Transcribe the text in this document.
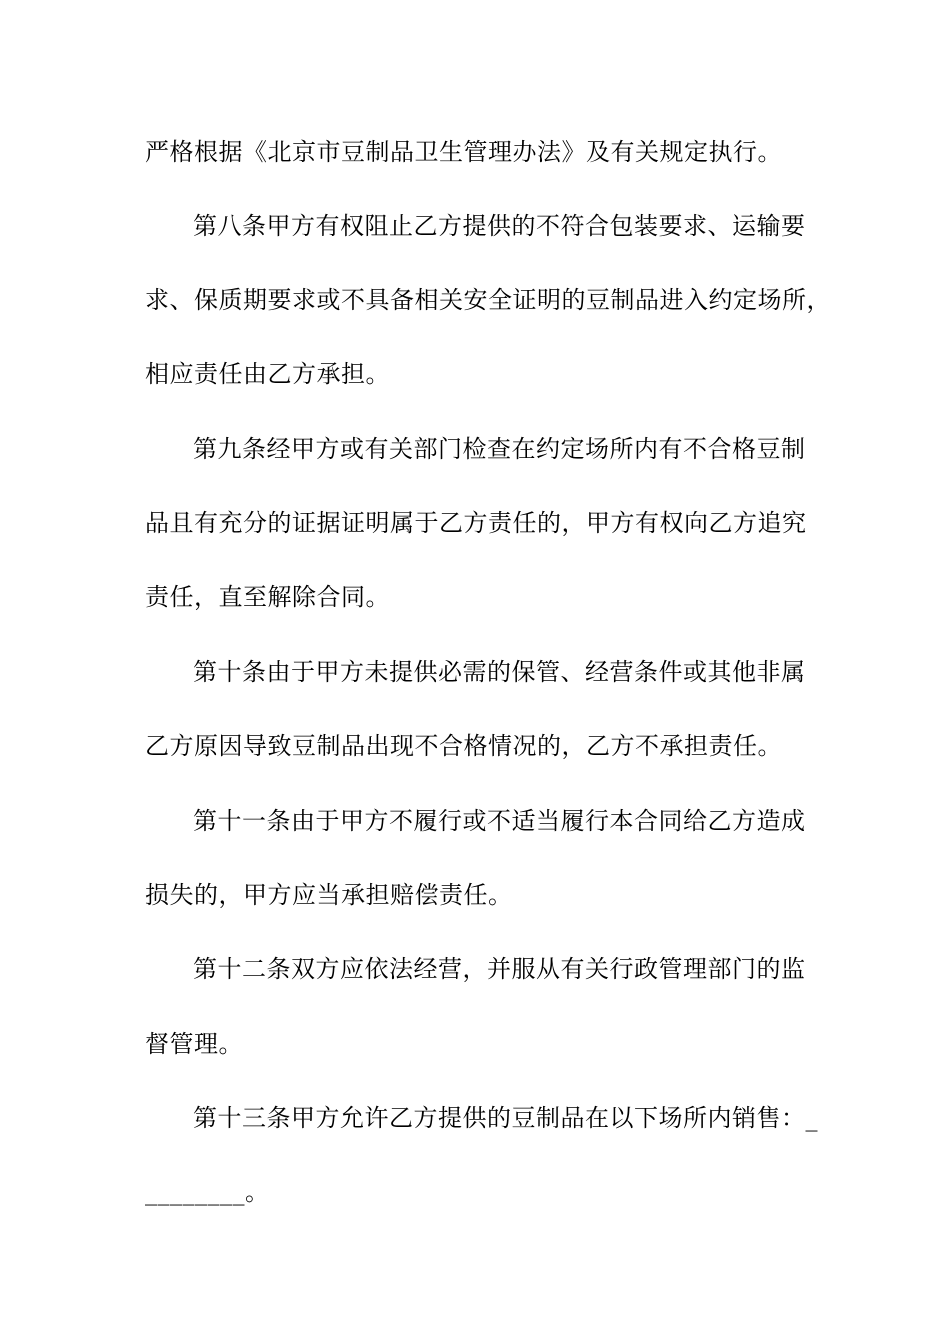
严格根据《北京市豆制品卫生管理办法》及有关规定执行。
第八条甲方有权阻止乙方提供的不符合包装要求、运输要
求、保质期要求或不具备相关安全证明的豆制品进入约定场所，
相应责任由乙方承担。
第九条经甲方或有关部门检查在约定场所内有不合格豆制
品且有充分的证据证明属于乙方责任的，甲方有权向乙方追究
责任，直至解除合同。
第十条由于甲方未提供必需的保管、经营条件或其他非属
乙方原因导致豆制品出现不合格情况的，乙方不承担责任。
第十一条由于甲方不履行或不适当履行本合同给乙方造成
损失的，甲方应当承担赔偿责任。
第十二条双方应依法经营，并服从有关行政管理部门的监
督管理。
第十三条甲方允许乙方提供的豆制品在以下场所内销售：_
________。
